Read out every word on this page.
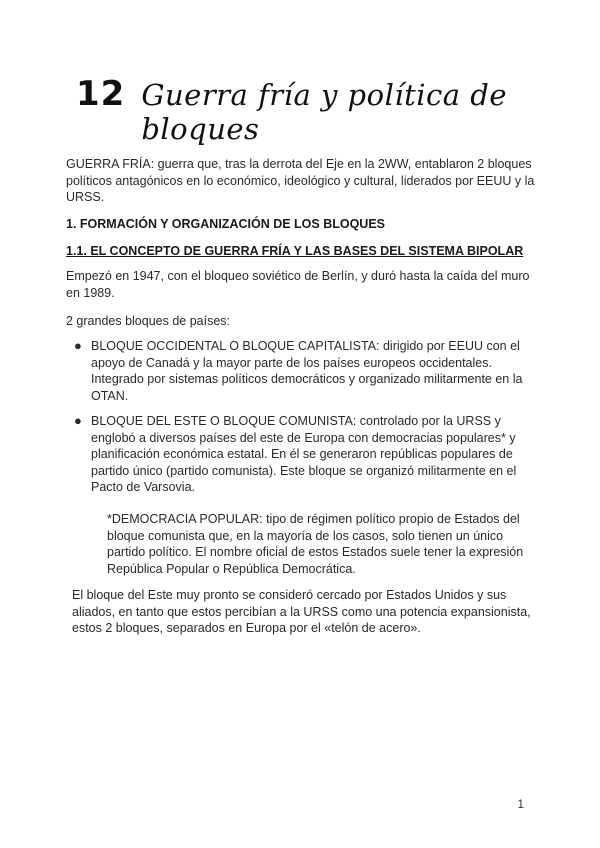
12 Guerra fría y política de bloques
GUERRA FRÍA: guerra que, tras la derrota del Eje en la 2WW, entablaron 2 bloques políticos antagónicos en lo económico, ideológico y cultural, liderados por EEUU y la URSS.
1. FORMACIÓN Y ORGANIZACIÓN DE LOS BLOQUES
1.1. EL CONCEPTO DE GUERRA FRÍA Y LAS BASES DEL SISTEMA BIPOLAR
Empezó en 1947, con el bloqueo soviético de Berlín, y duró hasta la caída del muro en 1989.
2 grandes bloques de países:
● BLOQUE OCCIDENTAL O BLOQUE CAPITALISTA: dirigido por EEUU con el apoyo de Canadá y la mayor parte de los países europeos occidentales. Integrado por sistemas políticos democráticos y organizado militarmente en la OTAN.
● BLOQUE DEL ESTE O BLOQUE COMUNISTA: controlado por la URSS y englobó a diversos países del este de Europa con democracias populares* y planificación económica estatal. En él se generaron repúblicas populares de partido único (partido comunista). Este bloque se organizó militarmente en el Pacto de Varsovia.
*DEMOCRACIA POPULAR: tipo de régimen político propio de Estados del bloque comunista que, en la mayoría de los casos, solo tienen un único partido político. El nombre oficial de estos Estados suele tener la expresión República Popular o República Democrática.
El bloque del Este muy pronto se consideró cercado por Estados Unidos y sus aliados, en tanto que estos percibían a la URSS como una potencia expansionista, estos 2 bloques, separados en Europa por el «telón de acero».
1
